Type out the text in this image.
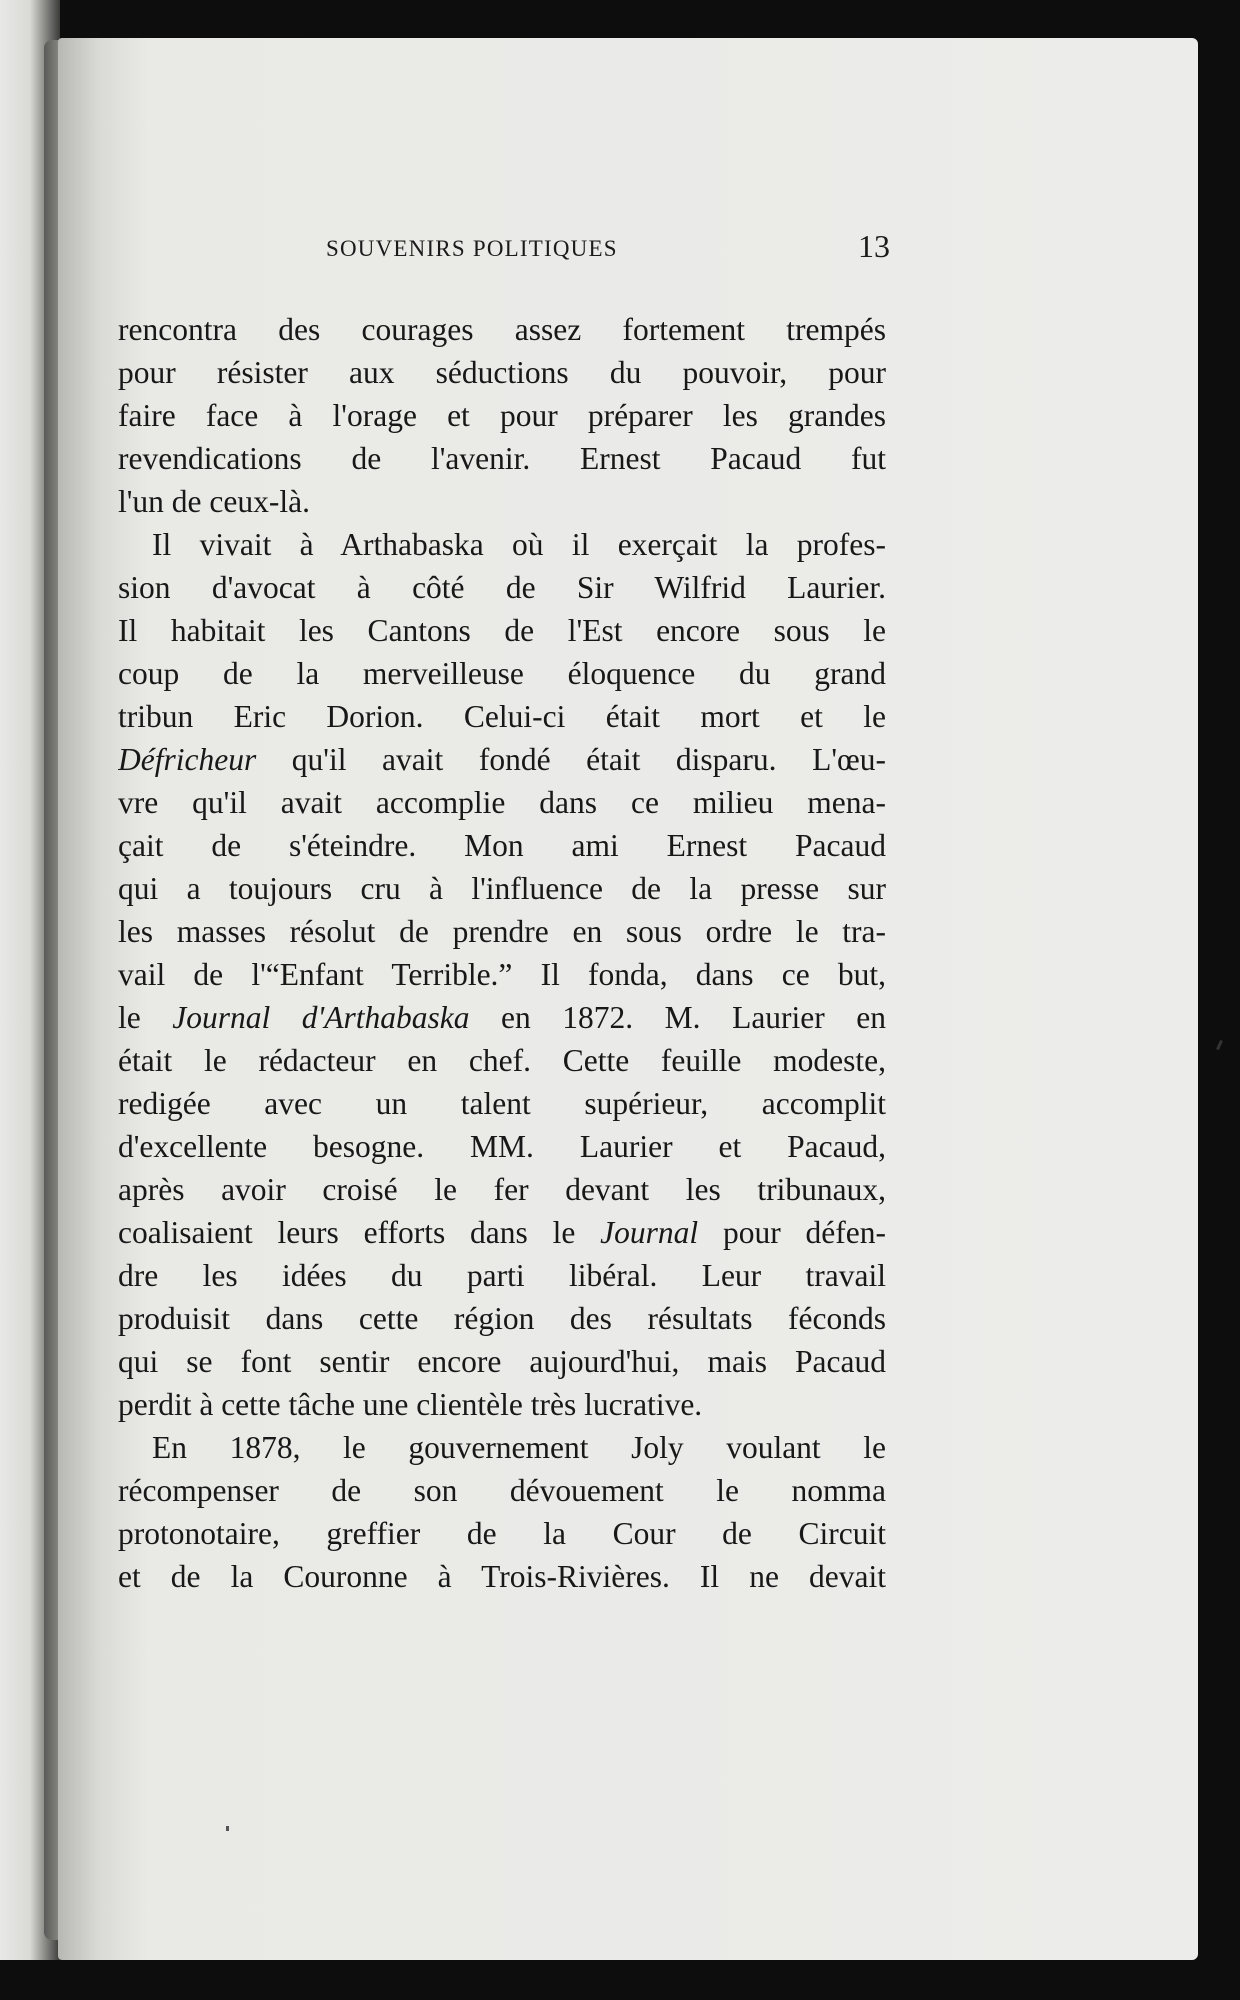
SOUVENIRS POLITIQUES	13

rencontra des courages assez fortement trempés
pour résister aux séductions du pouvoir, pour
faire face à l'orage et pour préparer les grandes
revendications de l'avenir. Ernest Pacaud fut
l'un de ceux-là.

Il vivait à Arthabaska où il exerçait la profes-
sion d'avocat à côté de Sir Wilfrid Laurier.
Il habitait les Cantons de l'Est encore sous le
coup de la merveilleuse éloquence du grand
tribun Eric Dorion. Celui-ci était mort et le
Défricheur qu'il avait fondé était disparu. L'œu-
vre qu'il avait accomplie dans ce milieu mena-
çait de s'éteindre. Mon ami Ernest Pacaud
qui a toujours cru à l'influence de la presse sur
les masses résolut de prendre en sous ordre le tra-
vail de l'“Enfant Terrible.” Il fonda, dans ce but,
le Journal d'Arthabaska en 1872. M. Laurier en
était le rédacteur en chef. Cette feuille modeste,
redigée avec un talent supérieur, accomplit
d'excellente besogne. MM. Laurier et Pacaud,
après avoir croisé le fer devant les tribunaux,
coalisaient leurs efforts dans le Journal pour défen-
dre les idées du parti libéral. Leur travail
produisit dans cette région des résultats féconds
qui se font sentir encore aujourd'hui, mais Pacaud
perdit à cette tâche une clientèle très lucrative.

En 1878, le gouvernement Joly voulant le
récompenser de son dévouement le nomma
protonotaire, greffier de la Cour de Circuit
et de la Couronne à Trois-Rivières. Il ne devait
